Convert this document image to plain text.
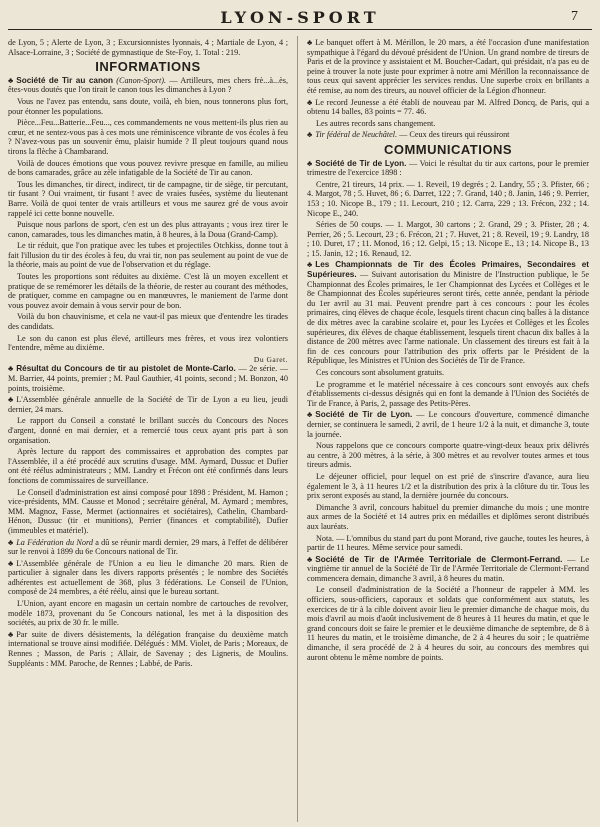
LYON-SPORT	7

de Lyon, 5 ; Alerte de Lyon, 3 ; Excursionnistes lyonnais, 4 ; Martiale de Lyon, 4 ; Alsace-Lorraine, 3 ; Société de gymnastique de Ste-Foy, 1. Total : 219.

INFORMATIONS

♣ Société de Tir au canon (Canon-Sport). — Artilleurs, mes chers frè...à...ès, êtes-vous doutés que l'on tirait le canon tous les dimanches à Lyon ?

Vous ne l'avez pas entendu, sans doute, voilà, eh bien, nous tonnerons plus fort, pour étonner les populations.

Pièce...Feu...Batterie...Feu..., ces commandements ne vous mettent-ils plus rien au cœur, et ne sentez-vous pas à ces mots une réminiscence vibrante de vos écoles à feu ? N'avez-vous pas un souvenir ému, plaisir humide ? Il pleut toujours quand nous tirons la flèche à Chambarand.

Voilà de douces émotions que vous pouvez revivre presque en famille, au milieu de bons camarades, grâce au zèle infatigable de la Société de Tir au canon.

Tous les dimanches, tir direct, indirect, tir de campagne, tir de siège, tir percutant, tir fusant ? Oui vraiment, tir fusant ! avec de vraies fusées, système du lieutenant Barre. Voilà de quoi tenter de vrais artilleurs et vous me saurez gré de vous avoir rappelé ici cette bonne nouvelle.

Puisque nous parlons de sport, c'en est un des plus attrayants ; vous irez tirer le canon, camarades, tous les dimanches matin, à 8 heures, à la Doua (Grand-Camp).

Le tir réduit, que l'on pratique avec les tubes et projectiles Otchkiss, donne tout à fait l'illusion du tir des écoles à feu, du vrai tir, non pas seulement au point de vue de la théorie, mais au point de vue de l'observation et du réglage.

Toutes les proportions sont réduites au dixième. C'est là un moyen excellent et pratique de se remémorer les détails de la théorie, de rester au courant des méthodes, de pratiquer, comme en campagne ou en manœuvres, le maniement de l'arme dont vous pouvez avoir demain à vous servir pour de bon.

Voilà du bon chauvinisme, et cela ne vaut-il pas mieux que d'entendre les tirades des candidats.

Le son du canon est plus élevé, artilleurs mes frères, et vous irez volontiers l'entendre, même au dixième.

Du Garet.

♣ Résultat du Concours de tir au pistolet de Monte-Carlo. — 2e série. — M. Barrier, 44 points, premier ; M. Paul Gauthier, 41 points, second ; M. Bonzon, 40 points, troisième.

♣ L'Assemblée générale annuelle de la Société de Tir de Lyon a eu lieu, jeudi dernier, 24 mars.

Le rapport du Conseil a constaté le brillant succès du Concours des Noces d'argent, donné en mai dernier, et a remercié tous ceux ayant pris part à son organisation.

Après lecture du rapport des commissaires et approbation des comptes par l'Assemblée, il a été procédé aux scrutins d'usage. MM. Aymard, Dussuc et Dufier ont été réélus administrateurs ; MM. Landry et Frécon ont été confirmés dans leurs fonctions de commissaires de surveillance.

Le Conseil d'administration est ainsi composé pour 1898 : Président, M. Hamon ; vice-présidents, MM. Causse et Monod ; secrétaire général, M. Aymard ; membres, MM. Magnoz, Fasse, Mermet (actionnaires et sociétaires), Cathelin, Chambard-Hénon, Dussuc (tir et munitions), Perrier (finances et comptabilité), Dufier (immeubles et matériel).

♣ La Fédération du Nord a dû se réunir mardi dernier, 29 mars, à l'effet de délibérer sur le renvoi à 1899 du 6e Concours national de Tir.

♣ L'Assemblée générale de l'Union a eu lieu le dimanche 20 mars. Rien de particulier à signaler dans les divers rapports présentés ; le nombre des Sociétés adhérentes est actuellement de 368, plus 3 fédérations. Le Conseil de l'Union, composé de 24 membres, a été réélu, ainsi que le bureau sortant.

L'Union, ayant encore en magasin un certain nombre de cartouches de revolver, modèle 1873, provenant du 5e Concours national, les met à la disposition des sociétés, au prix de 30 fr. le mille.

♣ Par suite de divers désistements, la délégation française du deuxième match international se trouve ainsi modifiée. Délégués : MM. Violet, de Paris ; Moreaux, de Rennes ; Masson, de Paris ; Allair, de Savenay ; des Ligneris, de Moulins. Suppléants : MM. Paroche, de Rennes ; Labbé, de Paris.

♣ Le banquet offert à M. Mérillon, le 20 mars, a été l'occasion d'une manifestation sympathique à l'égard du dévoué président de l'Union. Un grand nombre de tireurs de Paris et de la province y assistaient et M. Boucher-Cadart, qui présidait, n'a pas eu de peine à trouver la note juste pour exprimer à notre ami Mérillon la reconnaissance de tous ceux qui savent apprécier les services rendus. Une superbe croix en brillants a été remise, au nom des tireurs, au nouvel officier de la Légion d'honneur.

♣ Le record Jeunesse a été établi de nouveau par M. Alfred Doncq, de Paris, qui a obtenu 14 balles, 83 points = 77. 46.

Les autres records sans changement.

♣ Tir fédéral de Neuchâtel. — Ceux des tireurs qui réussiront

COMMUNICATIONS

♣ Société de Tir de Lyon. — Voici le résultat du tir aux cartons, pour le premier trimestre de l'exercice 1898 :

Centre, 21 tireurs, 14 prix. — 1. Reveil, 19 degrés ; 2. Landry, 55 ; 3. Pfister, 66 ; 4. Margot, 78 ; 5. Huvet, 86 ; 6. Darret, 122 ; 7. Grand, 140 ; 8. Janin, 146 ; 9. Perrier, 153 ; 10. Nicope B., 179 ; 11. Lecourt, 210 ; 12. Carra, 229 ; 13. Frécon, 232 ; 14. Nicope E., 240.

Séries de 50 coups. — 1. Margot, 30 cartons ; 2. Grand, 29 ; 3. Pfister, 28 ; 4. Perrier, 26 ; 5. Lecourt, 23 ; 6. Frécon, 21 ; 7. Huvet, 21 ; 8. Reveil, 19 ; 9. Landry, 18 ; 10. Duret, 17 ; 11. Monod, 16 ; 12. Gelpi, 15 ; 13. Nicope E., 13 ; 14. Nicope B., 13 ; 15. Janin, 12 ; 16. Renaud, 12.

♣ Les Championnats de Tir des Écoles Primaires, Secondaires et Supérieures. — Suivant autorisation du Ministre de l'Instruction publique, le 5e Championnat des Écoles primaires, le 1er Championnat des Lycées et Collèges et le 8e Championnat des Écoles supérieures seront tirés, cette année, pendant la période du 1er avril au 31 mai. Peuvent prendre part à ces concours : pour les écoles primaires, cinq élèves de chaque école, lesquels tirent chacun cinq balles à la distance de dix mètres avec la carabine scolaire et, pour les Lycées et Collèges et les Écoles supérieures, dix élèves de chaque établissement, lesquels tirent chacun dix balles à la distance de 200 mètres avec l'arme nationale. Un classement des tireurs est fait à la fin de ces concours pour l'attribution des prix offerts par le Président de la République, les Ministres et l'Union des Sociétés de Tir de France.

Ces concours sont absolument gratuits.

Le programme et le matériel nécessaire à ces concours sont envoyés aux chefs d'établissements ci-dessus désignés qui en font la demande à l'Union des Sociétés de Tir de France, à Paris, 2, passage des Petits-Pères.

♣ Société de Tir de Lyon. — Le concours d'ouverture, commencé dimanche dernier, se continuera le samedi, 2 avril, de 1 heure 1/2 à la nuit, et dimanche 3, toute la journée.

Nous rappelons que ce concours comporte quatre-vingt-deux beaux prix délivrés au centre, à 200 mètres, à la série, à 300 mètres et au revolver toutes armes et tous tireurs admis.

Le déjeuner officiel, pour lequel on est prié de s'inscrire d'avance, aura lieu également le 3, à 11 heures 1/2 et la distribution des prix à la clôture du tir. Tous les prix seront exposés au stand, la dernière journée du concours.

Dimanche 3 avril, concours habituel du premier dimanche du mois ; une montre aux armes de la Société et 14 autres prix en médailles et diplômes seront distribués aux lauréats.

Nota. — L'omnibus du stand part du pont Morand, rive gauche, toutes les heures, à partir de 11 heures. Même service pour samedi.

♣ Société de Tir de l'Armée Territoriale de Clermont-Ferrand. — Le vingtième tir annuel de la Société de Tir de l'Armée Territoriale de Clermont-Ferrand commencera demain, dimanche 3 avril, à 8 heures du matin.

Le conseil d'administration de la Société a l'honneur de rappeler à MM. les officiers, sous-officiers, caporaux et soldats que conformément aux statuts, les exercices de tir à la cible doivent avoir lieu le premier dimanche de chaque mois, du mois d'avril au mois d'août inclusivement de 8 heures à 11 heures du matin, et que le grand concours doit se faire le premier et le deuxième dimanche de septembre, de 8 à 11 heures du matin, et le troisième dimanche, de 2 à 4 heures du soir ; le quatrième dimanche, il sera procédé de 2 à 4 heures du soir, au concours des membres qui auront obtenu le même nombre de points.
